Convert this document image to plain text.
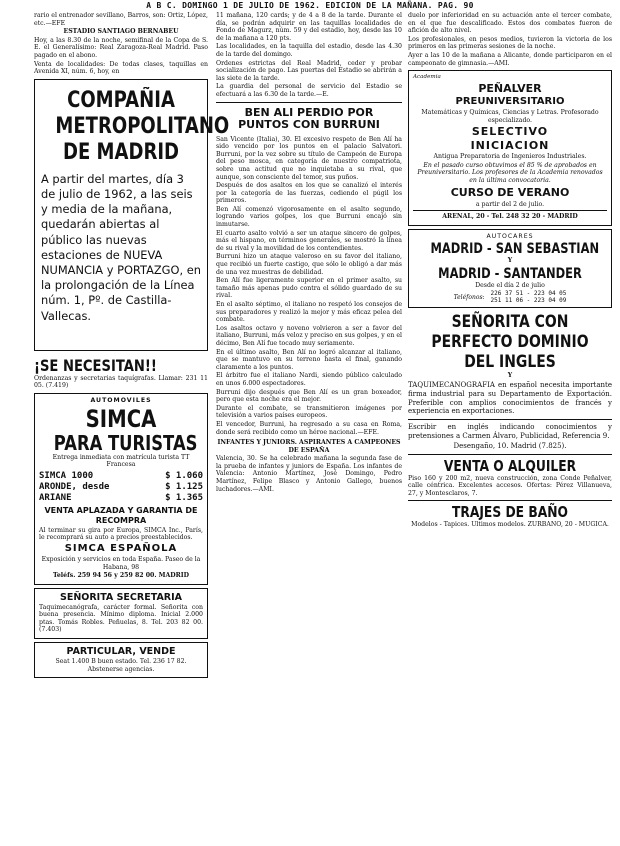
A B C. DOMINGO 1 DE JULIO DE 1962. EDICION DE LA MAÑANA. PAG. 90

rario el entrenador sevillano, Barros, son: Ortiz, López, etc.—EFE

ESTADIO SANTIAGO BERNABEU

Hoy, a las 8.30 de la noche, semifinal de la Copa de S. E. el Generalísimo: Real Zaragoza-Real Madrid. Paso pagado en el abono.

Venta de localidades: De todas clases, taquillas en Avenida XI, núm. 6, hoy, en

COMPAÑIA
METROPOLITANO
DE MADRID

A partir del martes, día 3 de julio de 1962, a las seis y media de la mañana, quedarán abiertas al público las nuevas estaciones de NUEVA NUMANCIA y PORTAZGO, en la prolongación de la Línea núm. 1, Pº. de Castilla-Vallecas.

¡SE NECESITAN!!

Ordenanzas y secretarias taquígrafas. Llamar: 231 11 05. (7.419)

AUTOMOVILES

SIMCA
PARA TURISTAS

Entrega inmediata con matrícula turista TT Francesa

SIMCA 1000	$ 1.060
ARONDE, desde	$ 1.125
ARIANE	$ 1.365

VENTA APLAZADA Y GARANTIA DE RECOMPRA

Al terminar su gira por Europa, SIMCA Inc., París, le recomprará su auto a precios preestablecidos.

SIMCA ESPAÑOLA

Exposición y servicios en toda España. Paseo de la Habana, 98

Teléfs. 259 94 56 y 259 82 00. MADRID

SEÑORITA SECRETARIA

Taquimecanógrafa, carácter formal. Señorita con buena presencia. Mínimo diploma. Inicial 2.000 ptas. Tomás Robles. Peñuelas, 8. Tel. 203 82 00. (7.403)

PARTICULAR, VENDE

Seat 1.400 B buen estado. Tel. 236 17 82. Abstenerse agencias.

11 mañana, 120 cards; y de 4 a 8 de la tarde. Durante el día, se podrán adquirir en las taquillas localidades de Fondo de Magurz, núm. 59 y del estadio, hoy, desde las 10 de la mañana a 120 pts.

Las localidades, en la taquilla del estadio, desde las 4.30 de la tarde del domingo.

Ordenes estrictas del Real Madrid, ceder y probar socialización de pago. Las puertas del Estadio se abrirán a las siete de la tarde.

La guardia del personal de servicio del Estadio se efectuará a las 6.30 de la tarde.—E.

BEN ALI PERDIO POR PUNTOS CON BURRUNI

San Vicente (Italia), 30. El excesivo respeto de Ben Alí ha sido vencido por los puntos en el palacio Salvatori. Burruni, por la vez sobre su título de Campeón de Europa del peso mosca, en categoría de nuestro compatriota, sobre una actitud que no inquietaba a su rival, que aunque, son consciente del temor, sus puños.

Después de dos asaltos en los que se canalizó el interés por la categoría de las fuerzas, cediendo el púgil los primeros.

Ben Alí comenzó vigorosamente en el asalto segundo, logrando varios golpes, los que Burruni encajó sin inmutarse.

El cuarto asalto volvió a ser un ataque sincero de golpes, más el hispano, en términos generales, se mostró la línea de su rival y la movilidad de los contendientes.

Burruni hizo un ataque valeroso en su favor del italiano, que recibió un fuerte castigo, que sólo le obligó a dar más de una vez muestras de debilidad.

Ben Alí fue ligeramente superior en el primer asalto, su tamaño más apenas pudo contra el sólido guardado de su rival.

En el asalto séptimo, el italiano no respetó los consejos de sus preparadores y realizó la mejor y más eficaz pelea del combate.

Los asaltos octavo y noveno volvieron a ser a favor del italiano, Burruni, más veloz y preciso en sus golpes, y en el décimo, Ben Alí fue tocado muy seriamente.

En el último asalto, Ben Alí no logró alcanzar al italiano, que se mantuvo en su terreno hasta el final, ganando claramente a los puntos.

El árbitro fue el italiano Nardi, siendo público calculado en unos 6.000 espectadores.

Burruni dijo después que Ben Alí es un gran boxeador, pero que esta noche era el mejor.

Durante el combate, se transmitieron imágenes por televisión a varios países europeos.

El vencedor, Burruni, ha regresado a su casa en Roma, donde será recibido como un héroe nacional.—EFE.

INFANTES Y JUNIORS. ASPIRANTES A CAMPEONES DE ESPAÑA

Valencia, 30. Se ha celebrado mañana la segunda fase de la prueba de infantes y juniors de España. Los infantes de Valencia: Antonio Martínez, José Domingo, Pedro Martínez, Felipe Blasco y Antonio Gallego, buenos luchadores.—AMI.

duelo por inferioridad en su actuación ante el tercer combate, en el que fue descalificado. Estos dos combates fueron de afición de alto nivel.

Los profesionales, en pesos medios, tuvieron la victoria de los primeros en las primeras sesiones de la noche.

Ayer a las 10 de la mañana a Alicante, donde participaron en el campeonato de gimnasia.—AMI.

Academia

PEÑALVER

PREUNIVERSITARIO

Matemáticas y Químicas, Ciencias y Letras. Profesorado especializado.

SELECTIVO

INICIACION

Antigua Preparatoria de Ingenieros Industriales.

En el pasado curso obtuvimos el 85 % de aprobados en Preuniversitario. Los profesores de la Academia renovados en la última convocatoria.

CURSO DE VERANO

a partir del 2 de julio.

ARENAL, 20 - Tel. 248 32 20 - MADRID

AUTOCARES

MADRID - SAN SEBASTIAN

Y

MADRID - SANTANDER

Desde el día 2 de julio

Teléfonos: 226 37 51 - 223 04 05
251 11 06 - 223 04 09
SEÑORITA CON
PERFECTO DOMINIO
DEL INGLES

Y

TAQUIMECANOGRAFIA en español necesita importante firma industrial para su Departamento de Exportación. Preferible con amplios conocimientos de francés y experiencia en exportaciones.

Escribir en inglés indicando conocimientos y pretensiones a Carmen Álvaro, Publicidad, Referencia 9.

Desengaño, 10. Madrid (7.825).

VENTA O ALQUILER

Piso 160 y 200 m2, nueva construcción, zona Conde Peñalver, calle céntrica. Excelentes accesos. Ofertas: Pérez Villanueva, 27, y Montesclaros, 7.

TRAJES DE BAÑO

Modelos - Tapices. Ultimos modelos. ZURBANO, 20 - MUGICA.
